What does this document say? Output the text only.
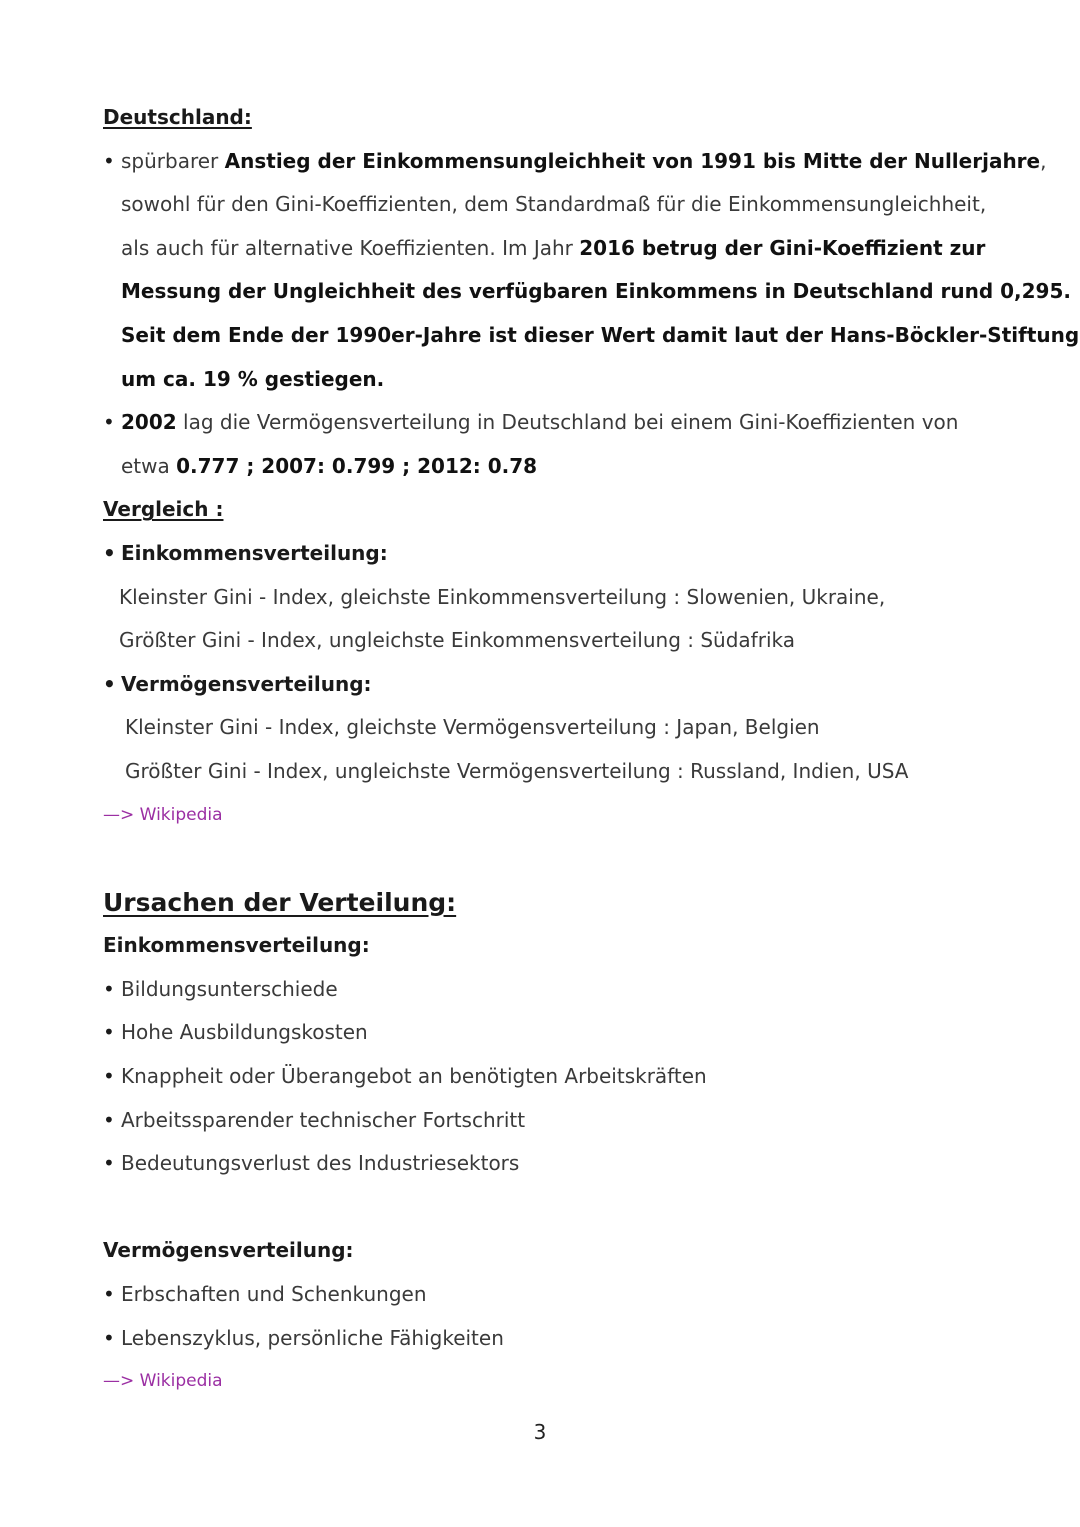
Deutschland:
• spürbarer Anstieg der Einkommensungleichheit von 1991 bis Mitte der Nullerjahre,
sowohl für den Gini-Koeffizienten, dem Standardmaß für die Einkommensungleichheit,
als auch für alternative Koeffizienten. Im Jahr 2016 betrug der Gini-Koeffizient zur
Messung der Ungleichheit des verfügbaren Einkommens in Deutschland rund 0,295.
Seit dem Ende der 1990er-Jahre ist dieser Wert damit laut der Hans-Böckler-Stiftung
um ca. 19 % gestiegen.
• 2002 lag die Vermögensverteilung in Deutschland bei einem Gini-Koeffizienten von
etwa 0.777 ; 2007: 0.799 ; 2012: 0.78
Vergleich :
• Einkommensverteilung:
Kleinster Gini - Index, gleichste Einkommensverteilung : Slowenien, Ukraine,
Größter Gini - Index, ungleichste Einkommensverteilung : Südafrika
• Vermögensverteilung:
Kleinster Gini - Index, gleichste Vermögensverteilung : Japan, Belgien
Größter Gini - Index, ungleichste Vermögensverteilung : Russland, Indien, USA
—> Wikipedia
Ursachen der Verteilung:
Einkommensverteilung:
• Bildungsunterschiede
• Hohe Ausbildungskosten
• Knappheit oder Überangebot an benötigten Arbeitskräften
• Arbeitssparender technischer Fortschritt
• Bedeutungsverlust des Industriesektors
Vermögensverteilung:
• Erbschaften und Schenkungen
• Lebenszyklus, persönliche Fähigkeiten
—> Wikipedia
3
